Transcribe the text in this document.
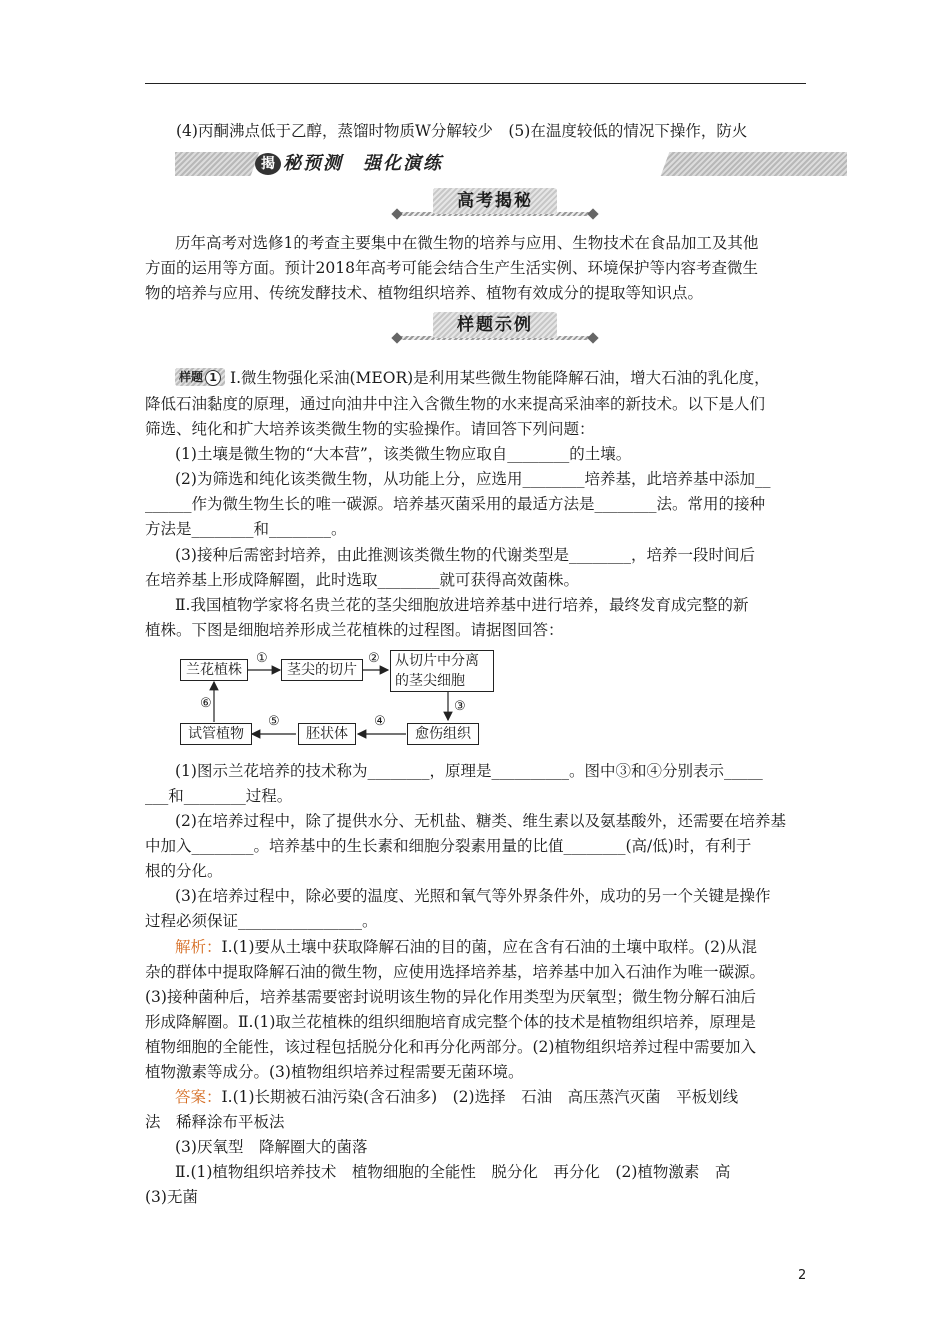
(4)丙酮沸点低于乙醇，蒸馏时物质W分解较少　(5)在温度较低的情况下操作，防火
揭 秘预测　强化演练
高考揭秘
历年高考对选修1的考查主要集中在微生物的培养与应用、生物技术在食品加工及其他
方面的运用等方面。预计2018年高考可能会结合生产生活实例、环境保护等内容考查微生
物的培养与应用、传统发酵技术、植物组织培养、植物有效成分的提取等知识点。
样题示例
样题 1 Ⅰ.微生物强化采油(MEOR)是利用某些微生物能降解石油，增大石油的乳化度，
降低石油黏度的原理，通过向油井中注入含微生物的水来提高采油率的新技术。以下是人们
筛选、纯化和扩大培养该类微生物的实验操作。请回答下列问题：
(1)土壤是微生物的“大本营”，该类微生物应取自________的土壤。
(2)为筛选和纯化该类微生物，从功能上分，应选用________培养基，此培养基中添加__
______作为微生物生长的唯一碳源。培养基灭菌采用的最适方法是________法。常用的接种
方法是________和________。
(3)接种后需密封培养，由此推测该类微生物的代谢类型是________，培养一段时间后
在培养基上形成降解圈，此时选取________就可获得高效菌株。
Ⅱ.我国植物学家将名贵兰花的茎尖细胞放进培养基中进行培养，最终发育成完整的新
植株。下图是细胞培养形成兰花植株的过程图。请据图回答：
兰花植株	茎尖的切片
从切片中分离
的茎尖细胞
愈伤组织
胚状体
试管植物
①	②
③
④
⑤
⑥
(1)图示兰花培养的技术称为________，原理是__________。图中③和④分别表示_____
___和________过程。
(2)在培养过程中，除了提供水分、无机盐、糖类、维生素以及氨基酸外，还需要在培养基
中加入________。培养基中的生长素和细胞分裂素用量的比值________(高/低)时，有利于
根的分化。
(3)在培养过程中，除必要的温度、光照和氧气等外界条件外，成功的另一个关键是操作
过程必须保证________________。
解析：Ⅰ.(1)要从土壤中获取降解石油的目的菌，应在含有石油的土壤中取样。(2)从混
杂的群体中提取降解石油的微生物，应使用选择培养基，培养基中加入石油作为唯一碳源。
(3)接种菌种后，培养基需要密封说明该生物的异化作用类型为厌氧型；微生物分解石油后
形成降解圈。Ⅱ.(1)取兰花植株的组织细胞培育成完整个体的技术是植物组织培养，原理是
植物细胞的全能性，该过程包括脱分化和再分化两部分。(2)植物组织培养过程中需要加入
植物激素等成分。(3)植物组织培养过程需要无菌环境。
答案：Ⅰ.(1)长期被石油污染(含石油多)　(2)选择　石油　高压蒸汽灭菌　平板划线
法　稀释涂布平板法
(3)厌氧型　降解圈大的菌落
Ⅱ.(1)植物组织培养技术　植物细胞的全能性　脱分化　再分化　(2)植物激素　高
(3)无菌
2
